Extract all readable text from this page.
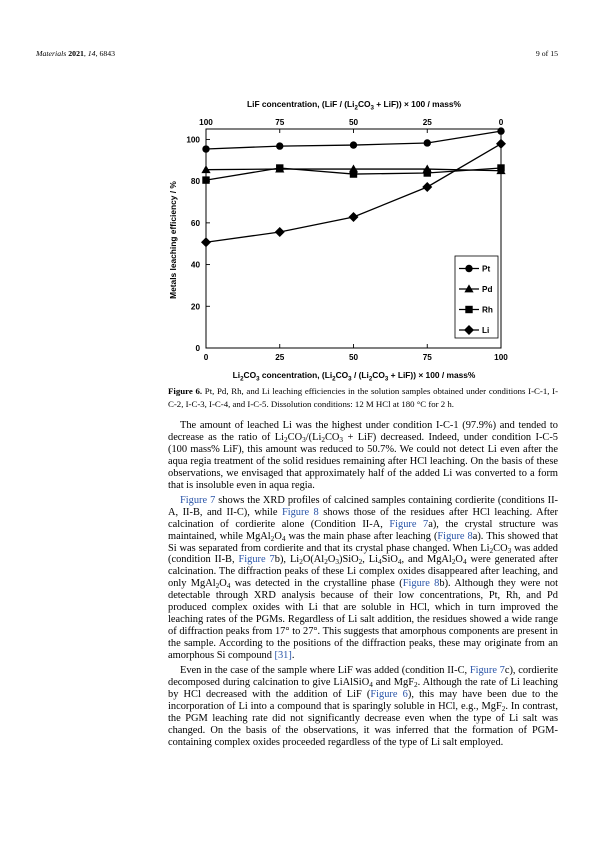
Materials 2021, 14, 6843	9 of 15
LiF concentration, $(LiF / (Li_2CO_3 + LiF)) \times 100$ / mass%
0
20
40
60
80
100
0
100
25
75
50
50
75
25
100
0
Pt
Pd
Rh
Li
$Li_2CO_3$ concentration, $(Li_2CO_3 / (Li_2CO_3 + LiF)) \times 100$ / mass%
Metals leaching efficiency / %
Figure 6. Pt, Pd, Rh, and Li leaching efficiencies in the solution samples obtained under conditions I-C-1, I-C-2, I-C-3, I-C-4, and I-C-5. Dissolution conditions: 12 M HCl at 180 °C for 2 h.

The amount of leached Li was the highest under condition I-C-1 (97.9%) and tended to decrease as the ratio of $Li_2CO_3/(Li_2CO_3 + LiF)$ decreased. Indeed, under condition I-C-5 (100 mass% LiF), this amount was reduced to 50.7%. We could not detect Li even after the aqua regia treatment of the solid residues remaining after HCl leaching. On the basis of these observations, we envisaged that approximately half of the added Li was converted to a form that is insoluble even in aqua regia.

Figure 7 shows the XRD profiles of calcined samples containing cordierite (conditions II-A, II-B, and II-C), while Figure 8 shows those of the residues after HCl leaching. After calcination of cordierite alone (Condition II-A, Figure 7a), the crystal structure was maintained, while $MgAl_2O_4$ was the main phase after leaching (Figure 8a). This showed that Si was separated from cordierite and that its crystal phase changed. When $Li_2CO_3$ was added (condition II-B, Figure 7b), $Li_2O(Al_2O_3)SiO_2$, $Li_4SiO_4$, and $MgAl_2O_4$ were generated after calcination. The diffraction peaks of these Li complex oxides disappeared after leaching, and only $MgAl_2O_4$ was detected in the crystalline phase (Figure 8b). Although they were not detectable through XRD analysis because of their low concentrations, Pt, Rh, and Pd produced complex oxides with Li that are soluble in HCl, which in turn improved the leaching rates of the PGMs. Regardless of Li salt addition, the residues showed a wide range of diffraction peaks from 17° to 27°. This suggests that amorphous components are present in the sample. According to the positions of the diffraction peaks, these may originate from an amorphous Si compound [31].

Even in the case of the sample where LiF was added (condition II-C, Figure 7c), cordierite decomposed during calcination to give LiAlSiO$_4$ and MgF$_2$. Although the rate of Li leaching by HCl decreased with the addition of LiF (Figure 6), this may have been due to the incorporation of Li into a compound that is sparingly soluble in HCl, e.g., MgF$_2$. In contrast, the PGM leaching rate did not significantly decrease even when the type of Li salt was changed. On the basis of the observations, it was inferred that the formation of PGM-containing complex oxides proceeded regardless of the type of Li salt employed.
